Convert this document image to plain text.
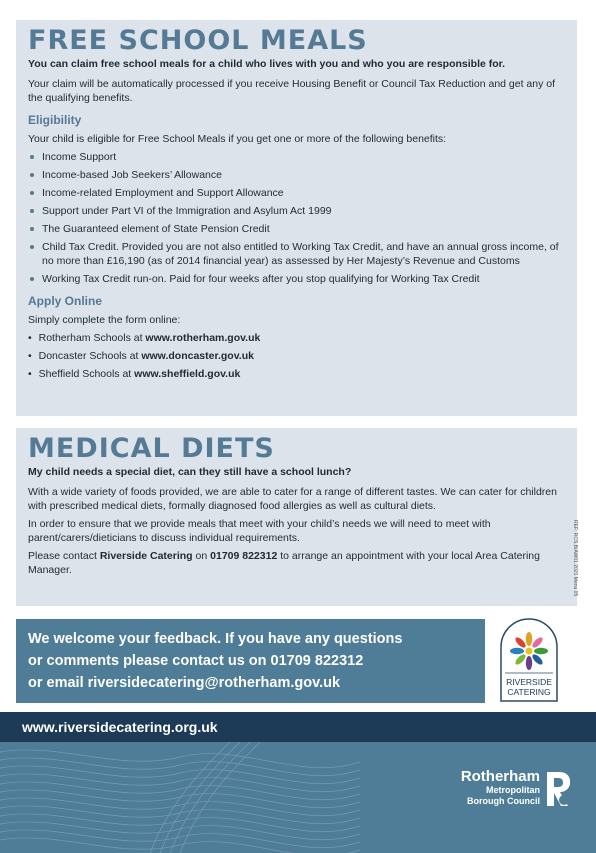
FREE SCHOOL MEALS

You can claim free school meals for a child who lives with you and who you are responsible for.

Your claim will be automatically processed if you receive Housing Benefit or Council Tax Reduction and get any of the qualifying benefits.

Eligibility

Your child is eligible for Free School Meals if you get one or more of the following benefits:

Income Support
Income-based Job Seekers’ Allowance
Income-related Employment and Support Allowance
Support under Part VI of the Immigration and Asylum Act 1999
The Guaranteed element of State Pension Credit
Child Tax Credit. Provided you are not also entitled to Working Tax Credit, and have an annual gross income, of no more than £16,190 (as of 2014 financial year) as assessed by Her Majesty’s Revenue and Customs
Working Tax Credit run-on. Paid for four weeks after you stop qualifying for Working Tax Credit
Apply Online

Simply complete the form online:

• Rotherham Schools at www.rotherham.gov.uk
• Doncaster Schools at www.doncaster.gov.uk
• Sheffield Schools at www.sheffield.gov.uk
MEDICAL DIETS

My child needs a special diet, can they still have a school lunch?

With a wide variety of foods provided, we are able to cater for a range of different tastes. We can cater for children with prescribed medical diets, formally diagnosed food allergies as well as cultural diets.

In order to ensure that we provide meals that meet with your child’s needs we will need to meet with parent/carers/dieticians to discuss individual requirements.

Please contact Riverside Catering on 01709 822312 to arrange an appointment with your local Area Catering Manager.	REF: RCS.B/AW01 2021 Menu 05
We welcome your feedback. If you have any questions
or comments please contact us on 01709 822312
or email riversidecatering@rotherham.gov.uk	RIVERSIDE
CATERING
www.riversidecatering.org.uk
Rotherham
Metropolitan
Borough Council
